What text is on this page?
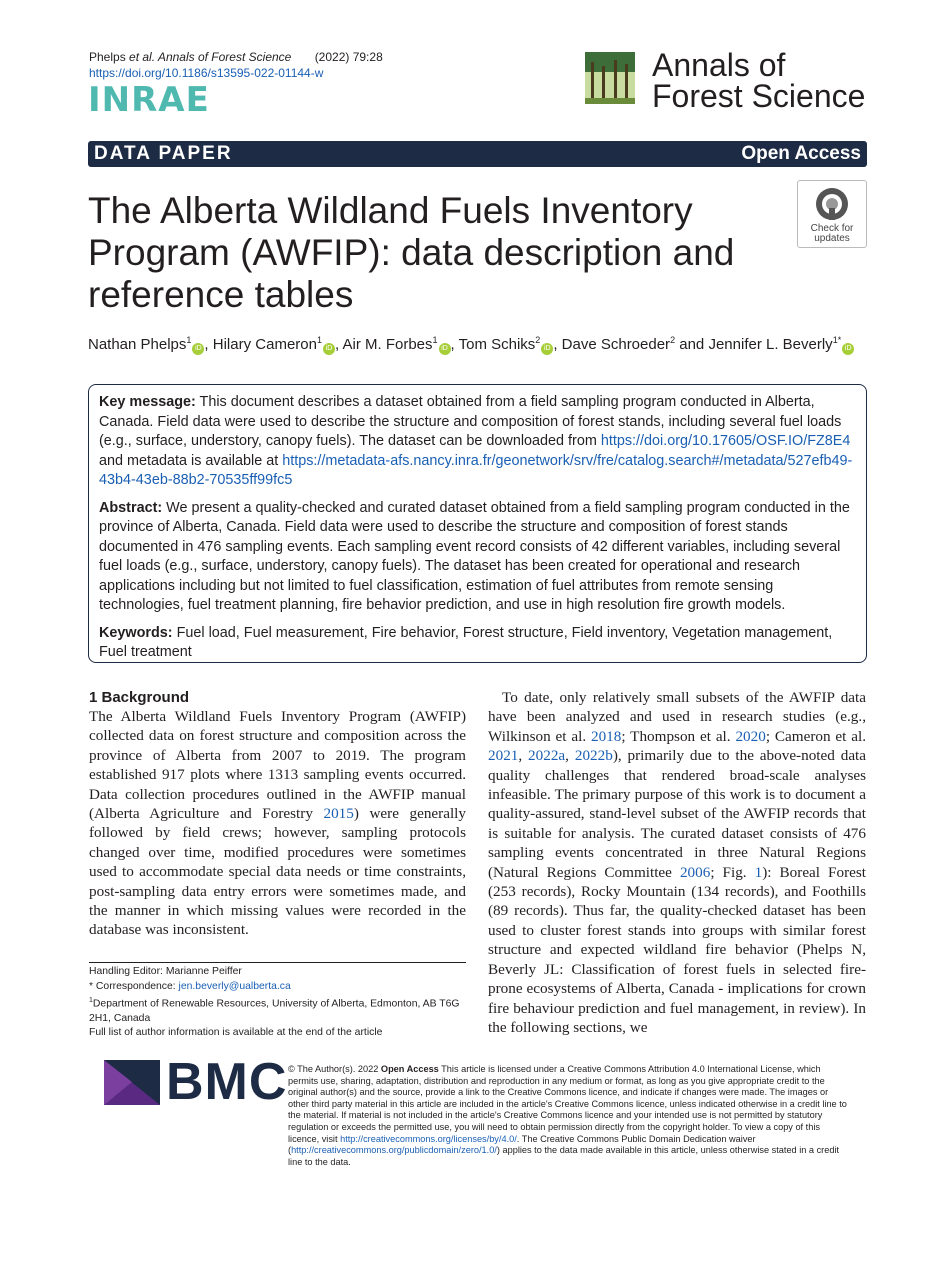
Phelps et al. Annals of Forest Science (2022) 79:28
https://doi.org/10.1186/s13595-022-01144-w
INRAE
Annals of
Forest Science
DATA PAPER	Open Access
The Alberta Wildland Fuels Inventory Program (AWFIP): data description and reference tables
Check for
updates
Nathan Phelps$^1$iD , Hilary Cameron$^1$iD , Air M. Forbes$^1$iD , Tom Schiks$^2$iD , Dave Schroeder$^2$ and Jennifer L. Beverly$^{1*}$iD

Key message: This document describes a dataset obtained from a field sampling program conducted in Alberta, Canada. Field data were used to describe the structure and composition of forest stands, including several fuel loads (e.g., surface, understory, canopy fuels). The dataset can be downloaded from https://doi.org/10.17605/OSF.IO/FZ8E4 and metadata is available at https://metadata-afs.nancy.inra.fr/geonetwork/srv/fre/catalog.search#/metadata/527efb49-43b4-43eb-88b2-70535ff99fc5

Abstract: We present a quality-checked and curated dataset obtained from a field sampling program conducted in the province of Alberta, Canada. Field data were used to describe the structure and composition of forest stands documented in 476 sampling events. Each sampling event record consists of 42 different variables, including several fuel loads (e.g., surface, understory, canopy fuels). The dataset has been created for operational and research applications including but not limited to fuel classification, estimation of fuel attributes from remote sensing technologies, fuel treatment planning, fire behavior prediction, and use in high resolution fire growth models.

Keywords: Fuel load, Fuel measurement, Fire behavior, Forest structure, Field inventory, Vegetation management, Fuel treatment

1 Background

The Alberta Wildland Fuels Inventory Program (AWFIP) collected data on forest structure and composition across the province of Alberta from 2007 to 2019. The program established 917 plots where 1313 sampling events occurred. Data collection procedures outlined in the AWFIP manual (Alberta Agriculture and Forestry 2015) were generally followed by field crews; however, sampling protocols changed over time, modified procedures were sometimes used to accommodate special data needs or time constraints, post-sampling data entry errors were sometimes made, and the manner in which missing values were recorded in the database was inconsistent.

To date, only relatively small subsets of the AWFIP data have been analyzed and used in research studies (e.g., Wilkinson et al. 2018; Thompson et al. 2020; Cameron et al. 2021, 2022a, 2022b), primarily due to the above-noted data quality challenges that rendered broad-scale analyses infeasible. The primary purpose of this work is to document a quality-assured, stand-level subset of the AWFIP records that is suitable for analysis. The curated dataset consists of 476 sampling events concentrated in three Natural Regions (Natural Regions Committee 2006; Fig. 1): Boreal Forest (253 records), Rocky Mountain (134 records), and Foothills (89 records). Thus far, the quality-checked dataset has been used to cluster forest stands into groups with similar forest structure and expected wildland fire behavior (Phelps N, Beverly JL: Classification of forest fuels in selected fire-prone ecosystems of Alberta, Canada - implications for crown fire behaviour prediction and fuel management, in review). In the following sections, we

Handling Editor: Marianne Peiffer
* Correspondence: jen.beverly@ualberta.ca
$^1$Department of Renewable Resources, University of Alberta, Edmonton, AB T6G 2H1, Canada
Full list of author information is available at the end of the article
BMC © The Author(s). 2022 Open Access This article is licensed under a Creative Commons Attribution 4.0 International License, which permits use, sharing, adaptation, distribution and reproduction in any medium or format, as long as you give appropriate credit to the original author(s) and the source, provide a link to the Creative Commons licence, and indicate if changes were made. The images or other third party material in this article are included in the article's Creative Commons licence, unless indicated otherwise in a credit line to the material. If material is not included in the article's Creative Commons licence and your intended use is not permitted by statutory regulation or exceeds the permitted use, you will need to obtain permission directly from the copyright holder. To view a copy of this licence, visit http://creativecommons.org/licenses/by/4.0/. The Creative Commons Public Domain Dedication waiver (http://creativecommons.org/publicdomain/zero/1.0/) applies to the data made available in this article, unless otherwise stated in a credit line to the data.
